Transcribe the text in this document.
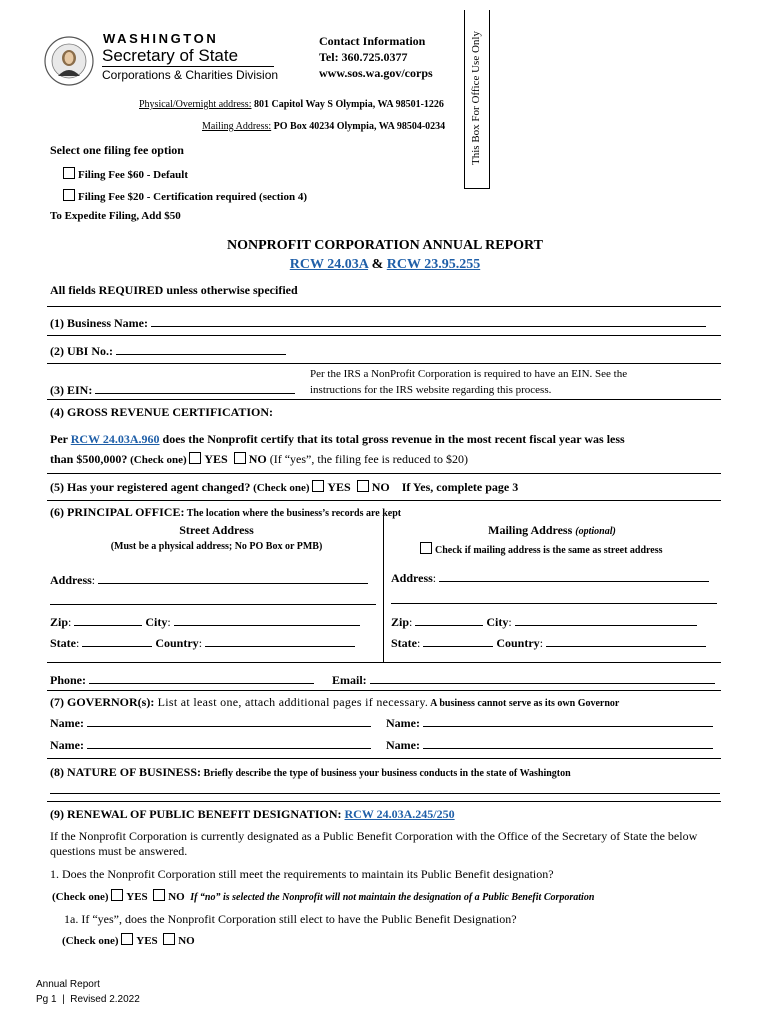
WASHINGTON
Secretary of State
Corporations & Charities Division
Contact Information
Tel: 360.725.0377
www.sos.wa.gov/corps
Physical/Overnight address: 801 Capitol Way S Olympia, WA 98501-1226
Mailing Address: PO Box 40234 Olympia, WA 98504-0234 This Box For Office Use Only
Select one filing fee option
Filing Fee $60 - Default
Filing Fee $20 - Certification required (section 4)
To Expedite Filing, Add $50
NONPROFIT CORPORATION ANNUAL REPORT
RCW 24.03A & RCW 23.95.255
All fields REQUIRED unless otherwise specified
(1) Business Name:
(2) UBI No.:
(3) EIN:
Per the IRS a NonProfit Corporation is required to have an EIN. See the instructions for the IRS website regarding this process.
(4) GROSS REVENUE CERTIFICATION:
Per RCW 24.03A.960 does the Nonprofit certify that its total gross revenue in the most recent fiscal year was less
than $500,000? (Check one) YES NO (If “yes”, the filing fee is reduced to $20)
(5) Has your registered agent changed? (Check one) YES NO If Yes, complete page 3
(6) PRINCIPAL OFFICE: The location where the business’s records are kept
Street Address
(Must be a physical address; No PO Box or PMB)
Mailing Address (optional)
Check if mailing address is the same as street address
Address:
Zip:	City:
State:	Country:
Address:
Zip:	City:
State:	Country:
Phone:	Email:
(7) GOVERNOR(s): List at least one, attach additional pages if necessary. A business cannot serve as its own Governor
Name:	Name:
Name:	Name:
(8) NATURE OF BUSINESS: Briefly describe the type of business your business conducts in the state of Washington
(9) RENEWAL OF PUBLIC BENEFIT DESIGNATION: RCW 24.03A.245/250
If the Nonprofit Corporation is currently designated as a Public Benefit Corporation with the Office of the Secretary of State the below questions must be answered.
1. Does the Nonprofit Corporation still meet the requirements to maintain its Public Benefit designation?
(Check one) YES NO If “no” is selected the Nonprofit will not maintain the designation of a Public Benefit Corporation
1a. If “yes”, does the Nonprofit Corporation still elect to have the Public Benefit Designation?
(Check one) YES NO
Annual Report
Pg 1  |  Revised 2.2022
